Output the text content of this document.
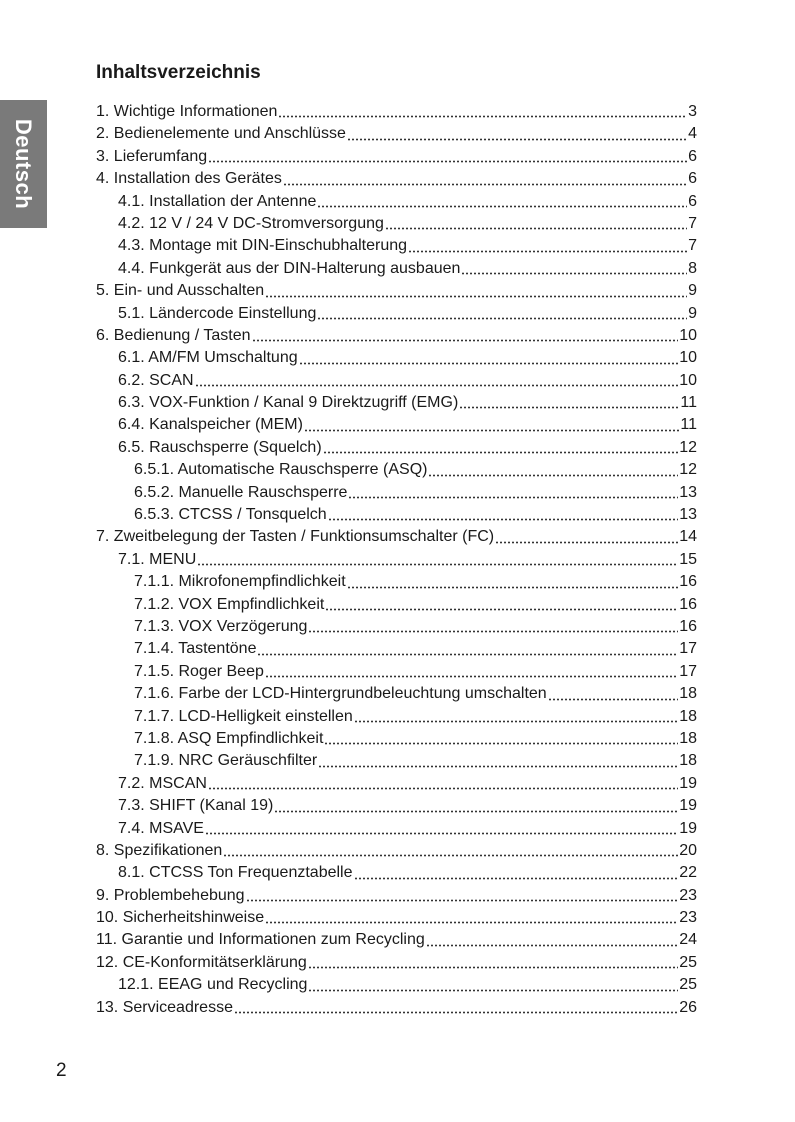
Deutsch
Inhaltsverzeichnis
1. Wichtige Informationen	3
2. Bedienelemente und Anschlüsse	4
3. Lieferumfang	6
4. Installation des Gerätes	6
4.1. Installation der Antenne	6
4.2. 12 V / 24 V DC-Stromversorgung	7
4.3. Montage mit DIN-Einschubhalterung	7
4.4. Funkgerät aus der DIN-Halterung ausbauen	8
5. Ein- und Ausschalten	9
5.1. Ländercode Einstellung	9
6. Bedienung / Tasten	10
6.1. AM/FM Umschaltung	10
6.2. SCAN	10
6.3. VOX-Funktion / Kanal 9 Direktzugriff (EMG)	11
6.4. Kanalspeicher (MEM)	11
6.5. Rauschsperre (Squelch)	12
6.5.1. Automatische Rauschsperre (ASQ)	12
6.5.2. Manuelle Rauschsperre	13
6.5.3. CTCSS / Tonsquelch	13
7. Zweitbelegung der Tasten / Funktionsumschalter (FC)	14
7.1. MENU	15
7.1.1. Mikrofonempfindlichkeit	16
7.1.2. VOX Empfindlichkeit	16
7.1.3. VOX Verzögerung	16
7.1.4. Tastentöne	17
7.1.5. Roger Beep	17
7.1.6. Farbe der LCD-Hintergrundbeleuchtung umschalten	18
7.1.7. LCD-Helligkeit einstellen	18
7.1.8. ASQ Empfindlichkeit	18
7.1.9. NRC Geräuschfilter	18
7.2. MSCAN	19
7.3. SHIFT (Kanal 19)	19
7.4. MSAVE	19
8. Spezifikationen	20
8.1. CTCSS Ton Frequenztabelle	22
9. Problembehebung	23
10. Sicherheitshinweise	23
11. Garantie und Informationen zum Recycling	24
12. CE-Konformitätserklärung	25
12.1. EEAG und Recycling	25
13. Serviceadresse	26
2
